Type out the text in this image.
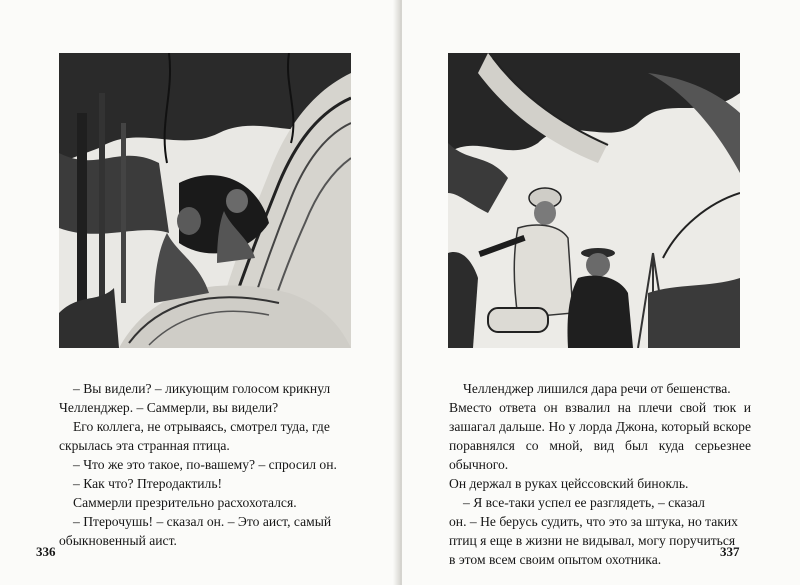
– Вы видели? – ликующим голосом крикнул

Челленджер. – Саммерли, вы видели?

Его коллега, не отрываясь, смотрел туда, где

скрылась эта странная птица.

– Что же это такое, по-вашему? – спросил он.

– Как что? Птеродактиль!

Саммерли презрительно расхохотался.

– Птерочушь! – сказал он. – Это аист, самый

обыкновенный аист.

336

Челленджер лишился дара речи от бешенства.

Вместо ответа он взвалил на плечи свой тюк и зашагал дальше. Но у лорда Джона, который вскоре поравнялся со мной, вид был куда серьезнее обычного.

Он держал в руках цейссовский бинокль.

– Я все-таки успел ее разглядеть, – сказал

он. – Не берусь судить, что это за штука, но таких

птиц я еще в жизни не видывал, могу поручиться

в этом всем своим опытом охотника.

337
